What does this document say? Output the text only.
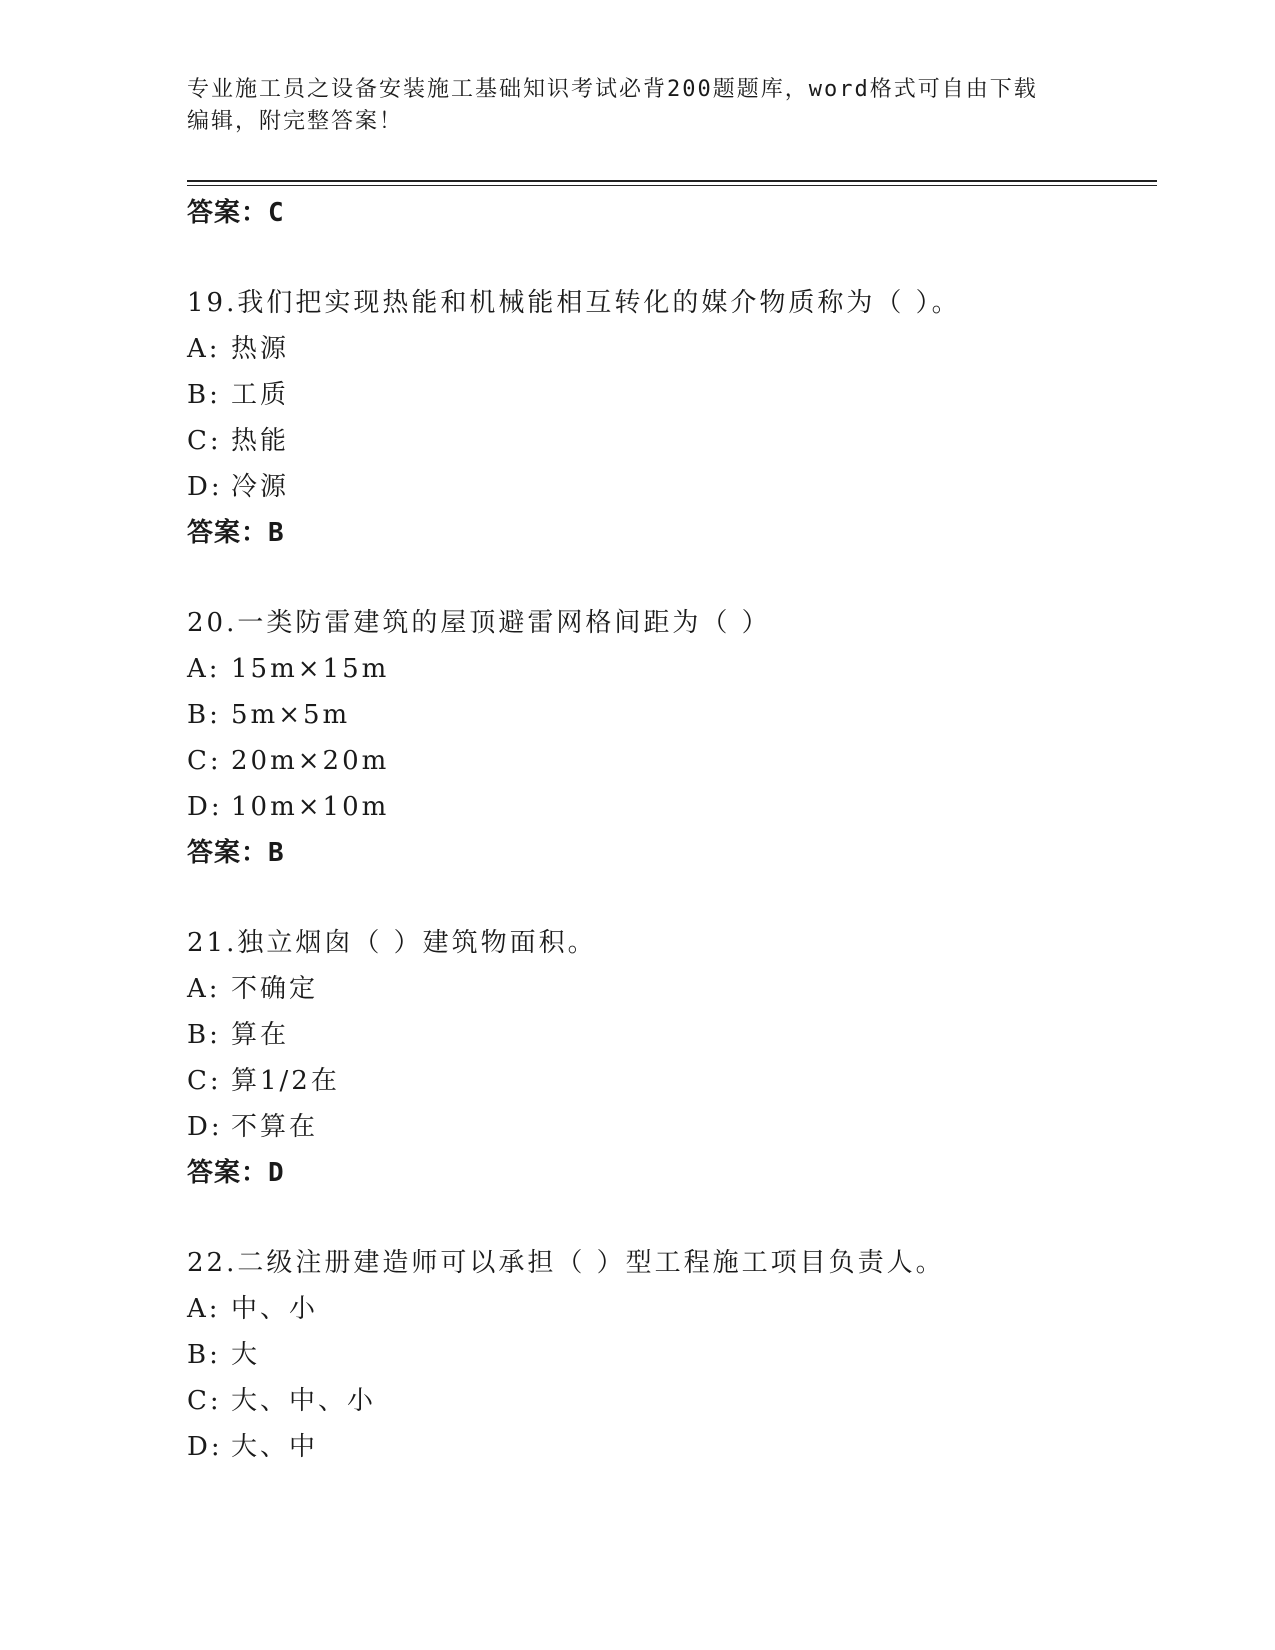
专业施工员之设备安装施工基础知识考试必背200题题库，word格式可自由下载
编辑，附完整答案！
答案：C
19.我们把实现热能和机械能相互转化的媒介物质称为（ ）。
A: 热源
B: 工质
C: 热能
D: 冷源
答案：B
20.一类防雷建筑的屋顶避雷网格间距为（ ）
A: 15m×15m
B: 5m×5m
C: 20m×20m
D: 10m×10m
答案：B
21.独立烟囱（ ）建筑物面积。
A: 不确定
B: 算在
C: 算1/2在
D: 不算在
答案：D
22.二级注册建造师可以承担（ ）型工程施工项目负责人。
A: 中、小
B: 大
C: 大、中、小
D: 大、中
